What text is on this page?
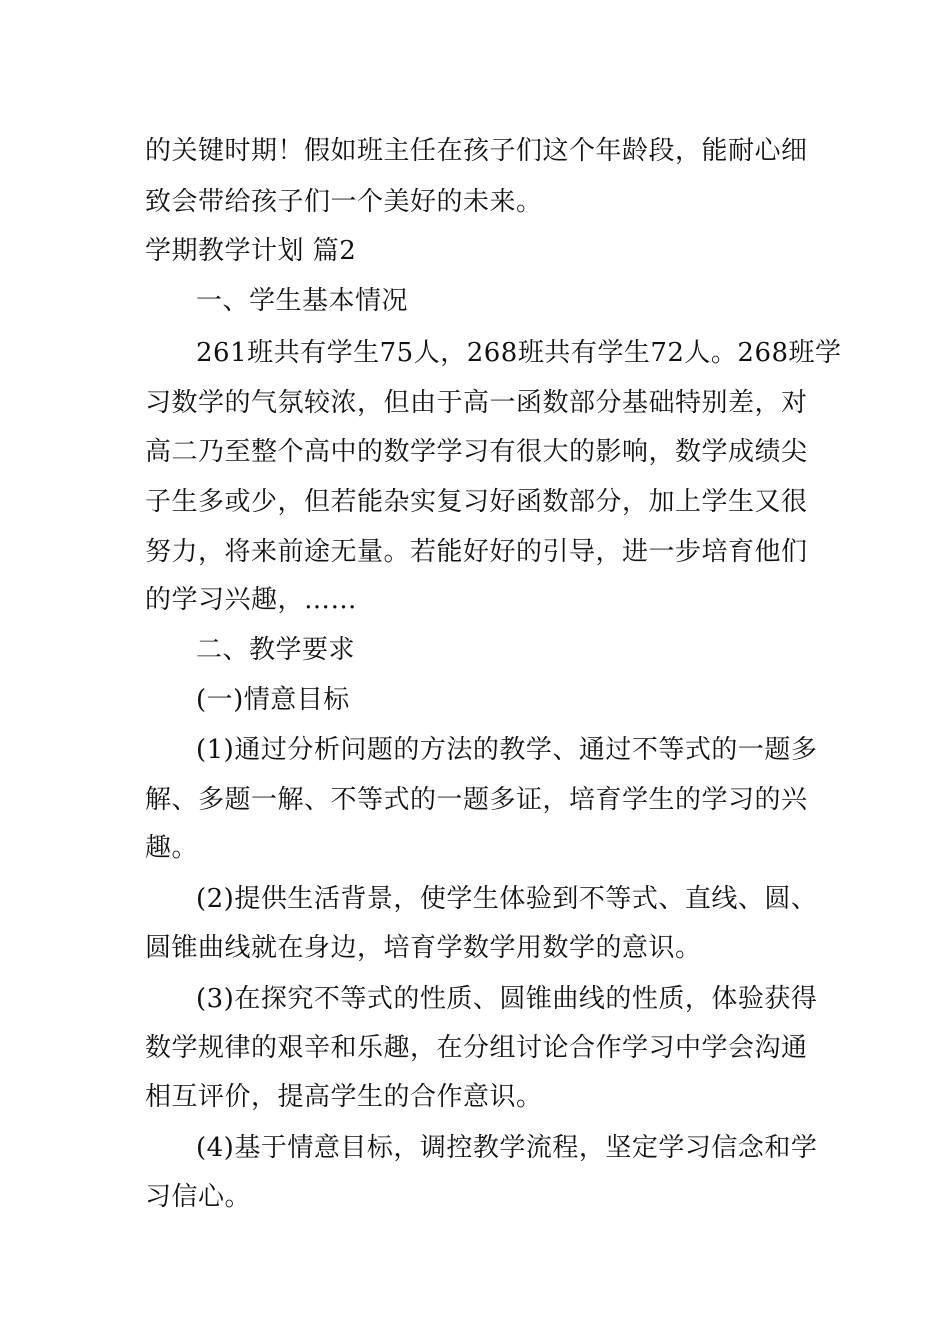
的关键时期！假如班主任在孩子们这个年龄段，能耐心细
致会带给孩子们一个美好的未来。
学期教学计划 篇2
一、学生基本情况
261班共有学生75人，268班共有学生72人。268班学
习数学的气氛较浓，但由于高一函数部分基础特别差，对
高二乃至整个高中的数学学习有很大的影响，数学成绩尖
子生多或少，但若能杂实复习好函数部分，加上学生又很
努力，将来前途无量。若能好好的引导，进一步培育他们
的学习兴趣，……
二、教学要求
(一)情意目标
(1)通过分析问题的方法的教学、通过不等式的一题多
解、多题一解、不等式的一题多证，培育学生的学习的兴
趣。
(2)提供生活背景，使学生体验到不等式、直线、圆、
圆锥曲线就在身边，培育学数学用数学的意识。
(3)在探究不等式的性质、圆锥曲线的性质，体验获得
数学规律的艰辛和乐趣，在分组讨论合作学习中学会沟通
相互评价，提高学生的合作意识。
(4)基于情意目标，调控教学流程，坚定学习信念和学
习信心。
